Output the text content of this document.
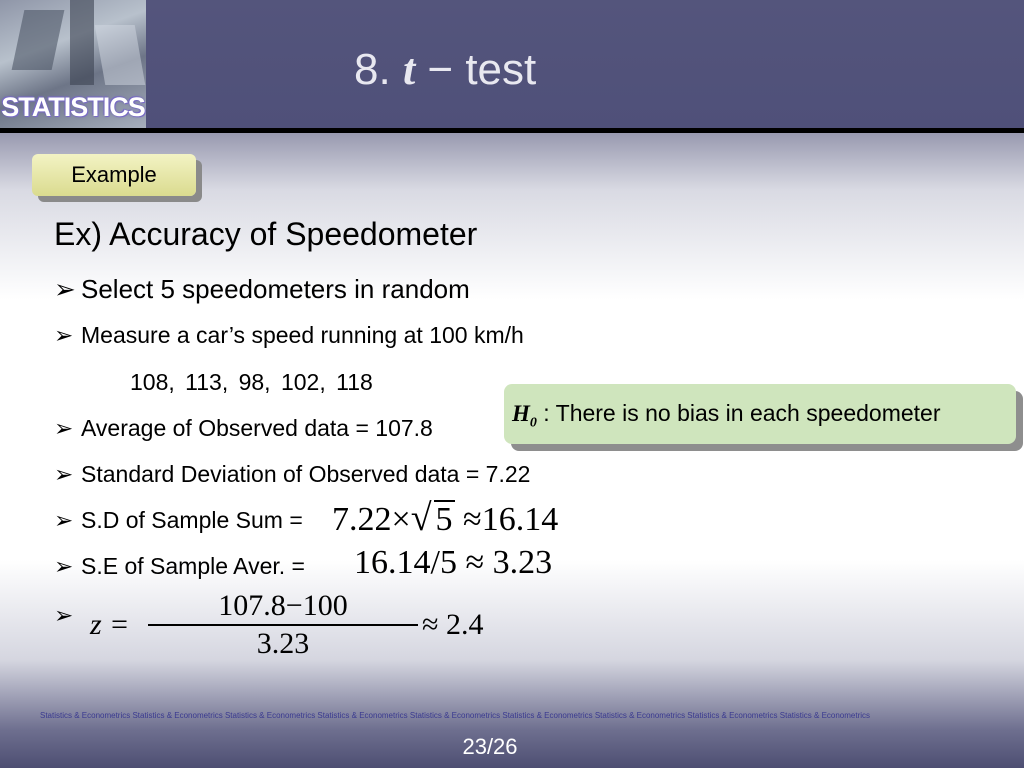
STATISTICS
8. t − test
Example
Ex) Accuracy of Speedometer
➢ Select 5 speedometers in random
➢ Measure a car’s speed running at 100 km/h
108, 113, 98, 102, 118
➢ Average of Observed data = 107.8
➢ Standard Deviation of Observed data = 7.22
➢ S.D of Sample Sum =
➢ S.E of Sample Aver. =
➢
7.22×√ 5 ≈16.14
16.14/5 ≈ 3.23
z =
107.8−100
3.23
≈ 2.4
$H_0$ : There is no bias in each speedometer
Statistics & Econometrics Statistics & Econometrics Statistics & Econometrics Statistics & Econometrics Statistics & Econometrics Statistics & Econometrics Statistics & Econometrics Statistics & Econometrics Statistics & Econometrics
23/26
